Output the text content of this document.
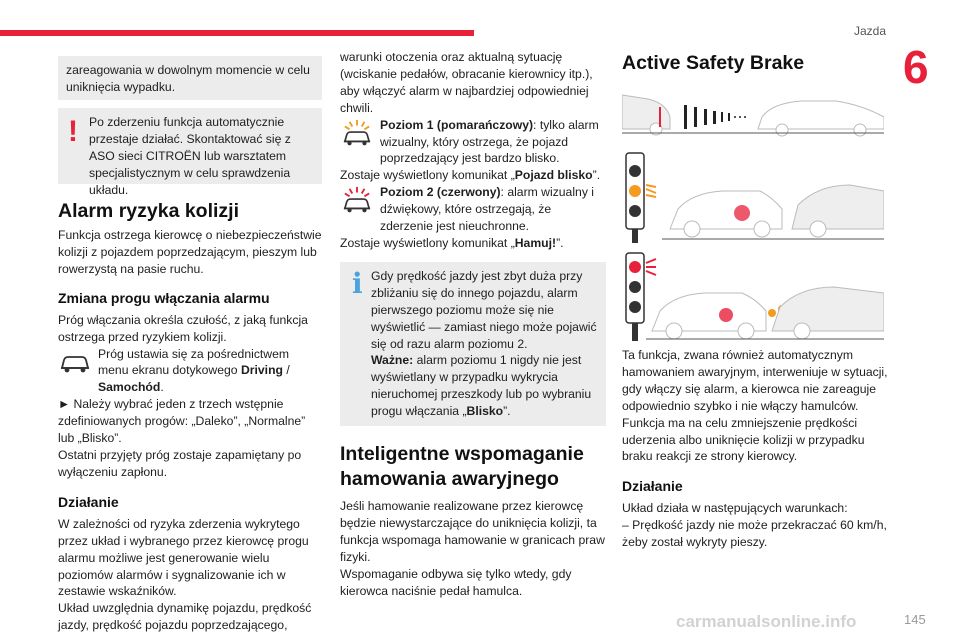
Jazda
6
zareagowania w dowolnym momencie w celu uniknięcia wypadku.
! Po zderzeniu funkcja automatycznie przestaje działać. Skontaktować się z ASO sieci CITROËN lub warsztatem specjalistycznym w celu sprawdzenia układu.
Alarm ryzyka kolizji

Funkcja ostrzega kierowcę o niebezpieczeństwie kolizji z pojazdem poprzedzającym, pieszym lub rowerzystą na pasie ruchu.

Zmiana progu włączania alarmu

Próg włączania określa czułość, z jaką funkcja ostrzega przed ryzykiem kolizji.

Próg ustawia się za pośrednictwem menu ekranu dotykowego Driving / Samochód.

► Należy wybrać jeden z trzech wstępnie zdefiniowanych progów: „Daleko”, „Normalne” lub „Blisko”.

Ostatni przyjęty próg zostaje zapamiętany po wyłączeniu zapłonu.

Działanie

W zależności od ryzyka zderzenia wykrytego przez układ i wybranego przez kierowcę progu alarmu możliwe jest generowanie wielu poziomów alarmów i sygnalizowanie ich w zestawie wskaźników.

Układ uwzględnia dynamikę pojazdu, prędkość jazdy, prędkość pojazdu poprzedzającego,

warunki otoczenia oraz aktualną sytuację (wciskanie pedałów, obracanie kierownicy itp.), aby włączyć alarm w najbardziej odpowiedniej chwili.

Poziom 1 (pomarańczowy): tylko alarm wizualny, który ostrzega, że pojazd poprzedzający jest bardzo blisko.

Zostaje wyświetlony komunikat „Pojazd blisko”.

Poziom 2 (czerwony): alarm wizualny i dźwiękowy, które ostrzegają, że zderzenie jest nieuchronne.

Zostaje wyświetlony komunikat „Hamuj!”.

i Gdy prędkość jazdy jest zbyt duża przy zbliżaniu się do innego pojazdu, alarm pierwszego poziomu może się nie wyświetlić — zamiast niego może pojawić się od razu alarm poziomu 2.

Ważne: alarm poziomu 1 nigdy nie jest wyświetlany w przypadku wykrycia nieruchomej przeszkody lub po wybraniu progu włączania „Blisko”.

Inteligentne wspomaganie hamowania awaryjnego

Jeśli hamowanie realizowane przez kierowcę będzie niewystarczające do uniknięcia kolizji, ta funkcja wspomaga hamowanie w granicach praw fizyki.

Wspomaganie odbywa się tylko wtedy, gdy kierowca naciśnie pedał hamulca.

Active Safety Brake

Ta funkcja, zwana również automatycznym hamowaniem awaryjnym, interweniuje w sytuacji, gdy włączy się alarm, a kierowca nie zareaguje odpowiednio szybko i nie włączy hamulców.

Funkcja ma na celu zmniejszenie prędkości uderzenia albo uniknięcie kolizji w przypadku braku reakcji ze strony kierowcy.

Działanie

Układ działa w następujących warunkach:

– Prędkość jazdy nie może przekraczać 60 km/h, żeby został wykryty pieszy.

carmanualsonline.info	145
